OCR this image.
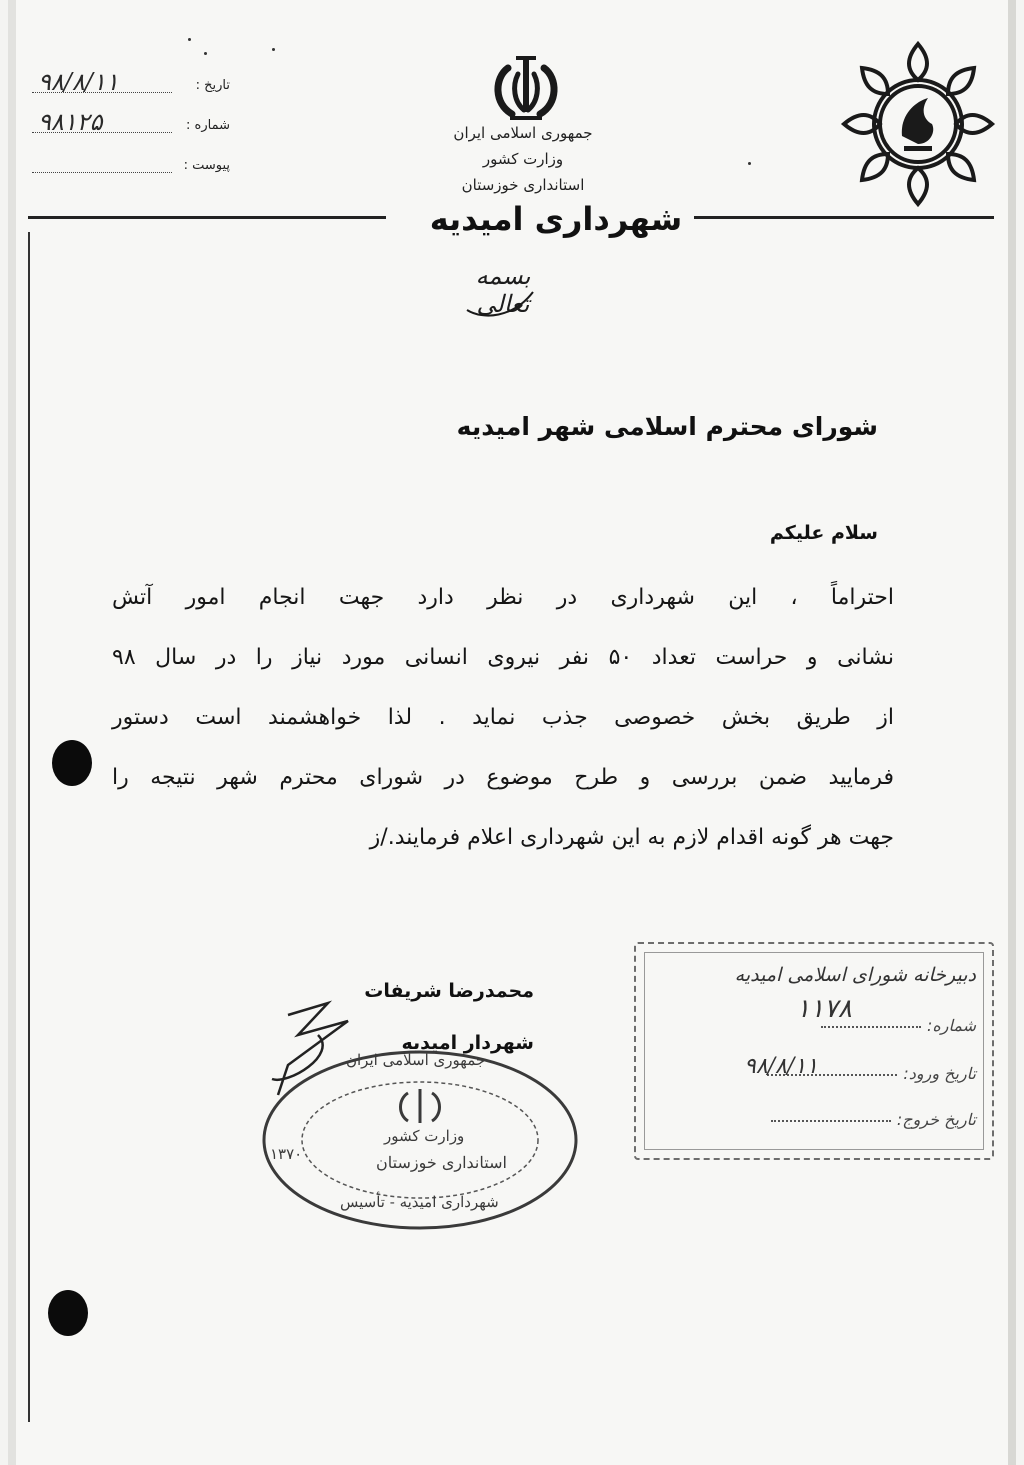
تاریخ :
۹۸/۸/۱۱
شماره :
۹۸۱۲۵
پیوست :
جمهوری اسلامی ایران
وزارت کشور
استانداری خوزستان
شهرداری امیدیه
بسمه تعالی
شورای محترم اسلامی شهر امیدیه
سلام علیکم
احتراماً ، این شهرداری در نظر دارد جهت انجام امور آتش
نشانی و حراست تعداد ۵۰ نفر نیروی انسانی مورد نیاز را در سال ۹۸
از طریق بخش خصوصی جذب نماید . لذا خواهشمند است دستور
فرمایید ضمن بررسی و طرح موضوع در شورای محترم شهر نتیجه را
جهت هر گونه اقدام لازم به این شهرداری اعلام فرمایند./ز
محمدرضا شریفات
شهردار امیدیه
جمهوری اسلامی ایران
وزارت کشور
استانداری خوزستان
شهرداری امیدیه - تأسیس
۱۳۷۰
دبیرخانه شورای اسلامی امیدیه
شماره:
۱۱۷۸
تاریخ ورود:
۹۸/۸/۱۱
تاریخ خروج:
